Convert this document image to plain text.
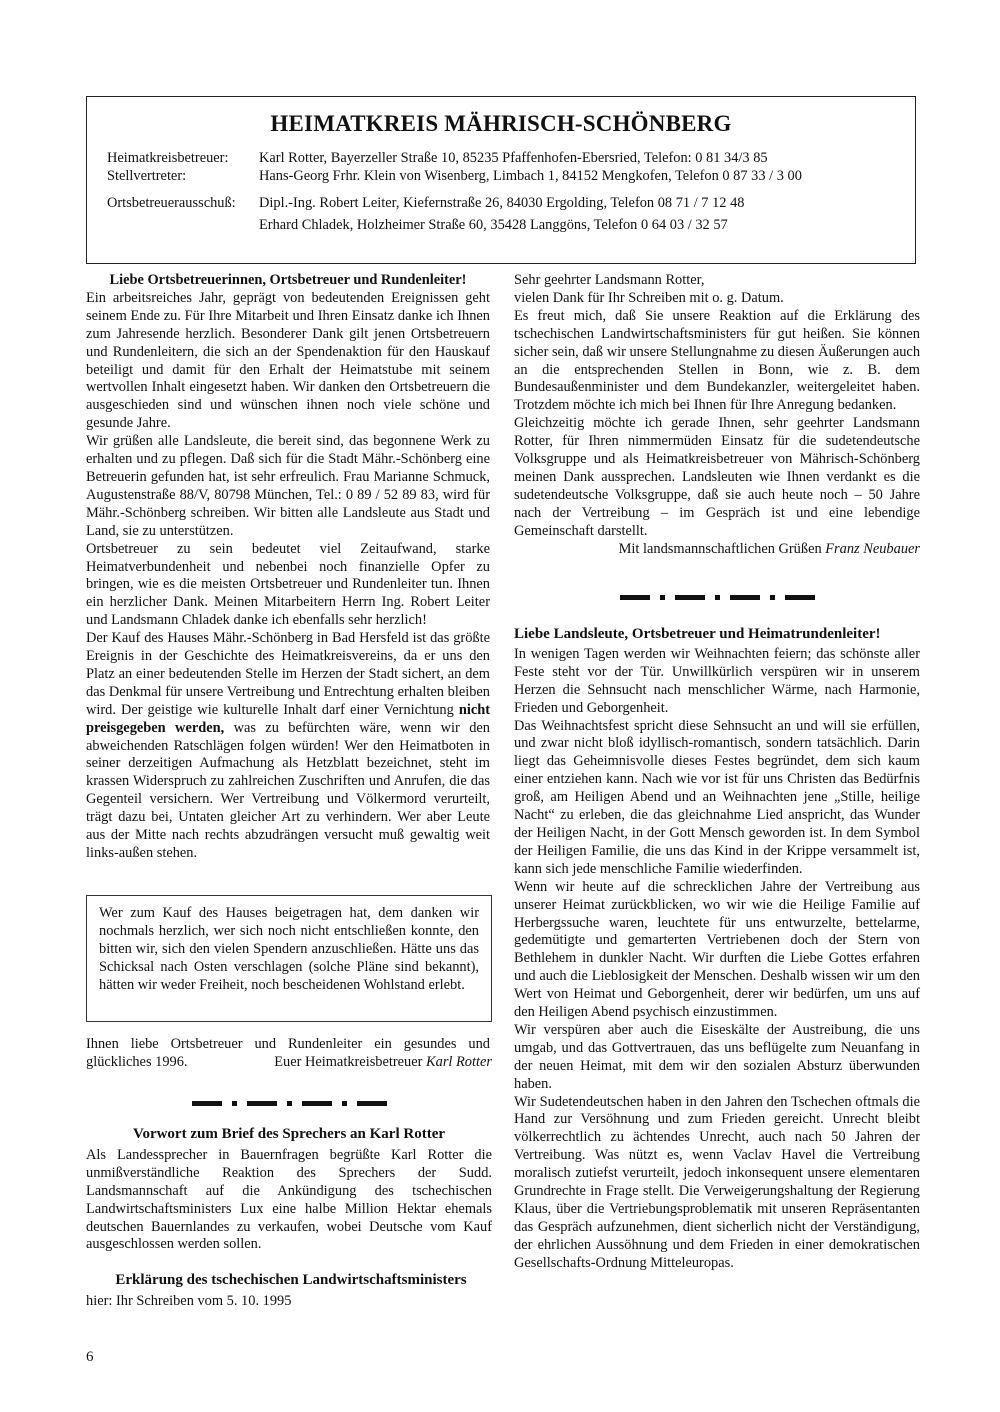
HEIMATKREIS MÄHRISCH-SCHÖNBERG
Heimatkreisbetreuer: Karl Rotter, Bayerzeller Straße 10, 85235 Pfaffenhofen-Ebersried, Telefon: 0 81 34/3 85
Stellvertreter:	Hans-Georg Frhr. Klein von Wisenberg, Limbach 1, 84152 Mengkofen, Telefon 0 87 33 / 3 00
Ortsbetreuerausschuß: Dipl.-Ing. Robert Leiter, Kiefernstraße 26, 84030 Ergolding, Telefon 08 71 / 7 12 48
Erhard Chladek, Holzheimer Straße 60, 35428 Langgöns, Telefon 0 64 03 / 32 57

Liebe Ortsbetreuerinnen, Ortsbetreuer und Rundenleiter!

Ein arbeitsreiches Jahr, geprägt von bedeutenden Ereignissen geht seinem Ende zu. Für Ihre Mitarbeit und Ihren Einsatz danke ich Ihnen zum Jahresende herzlich. Besonderer Dank gilt jenen Ortsbetreuern und Rundenleitern, die sich an der Spendenaktion für den Hauskauf beteiligt und damit für den Erhalt der Heimatstube mit seinem wertvollen Inhalt eingesetzt haben. Wir danken den Ortsbetreuern die ausgeschieden sind und wünschen ihnen noch viele schöne und gesunde Jahre.

Wir grüßen alle Landsleute, die bereit sind, das begonnene Werk zu erhalten und zu pflegen. Daß sich für die Stadt Mähr.-Schönberg eine Betreuerin gefunden hat, ist sehr erfreulich. Frau Marianne Schmuck, Augustenstraße 88/V, 80798 München, Tel.: 0 89 / 52 89 83, wird für Mähr.-Schönberg schreiben. Wir bitten alle Landsleute aus Stadt und Land, sie zu unterstützen.

Ortsbetreuer zu sein bedeutet viel Zeitaufwand, starke Heimatverbundenheit und nebenbei noch finanzielle Opfer zu bringen, wie es die meisten Ortsbetreuer und Rundenleiter tun. Ihnen ein herzlicher Dank. Meinen Mitarbeitern Herrn Ing. Robert Leiter und Landsmann Chladek danke ich ebenfalls sehr herzlich!

Der Kauf des Hauses Mähr.-Schönberg in Bad Hersfeld ist das größte Ereignis in der Geschichte des Heimatkreisvereins, da er uns den Platz an einer bedeutenden Stelle im Herzen der Stadt sichert, an dem das Denkmal für unsere Vertreibung und Entrechtung erhalten bleiben wird. Der geistige wie kulturelle Inhalt darf einer Vernichtung nicht preisgegeben werden, was zu befürchten wäre, wenn wir den abweichenden Ratschlägen folgen würden! Wer den Heimatboten in seiner derzeitigen Aufmachung als Hetzblatt bezeichnet, steht im krassen Widerspruch zu zahlreichen Zuschriften und Anrufen, die das Gegenteil versichern. Wer Vertreibung und Völkermord verurteilt, trägt dazu bei, Untaten gleicher Art zu verhindern. Wer aber Leute aus der Mitte nach rechts abzudrängen versucht muß gewaltig weit links-außen stehen.

Wer zum Kauf des Hauses beigetragen hat, dem danken wir nochmals herzlich, wer sich noch nicht entschließen konnte, den bitten wir, sich den vielen Spendern anzuschließen. Hätte uns das Schicksal nach Osten verschlagen (solche Pläne sind bekannt), hätten wir weder Freiheit, noch bescheidenen Wohlstand erlebt.
Ihnen liebe Ortsbetreuer und Rundenleiter ein gesundes und glückliches 1996.	Euer Heimatkreisbetreuer Karl Rotter

Vorwort zum Brief des Sprechers an Karl Rotter

Als Landessprecher in Bauernfragen begrüßte Karl Rotter die unmißverständliche Reaktion des Sprechers der Sudd. Landsmannschaft auf die Ankündigung des tschechischen Landwirtschaftsministers Lux eine halbe Million Hektar ehemals deutschen Bauernlandes zu verkaufen, wobei Deutsche vom Kauf ausgeschlossen werden sollen.

Erklärung des tschechischen Landwirtschaftsministers

hier: Ihr Schreiben vom 5. 10. 1995

Sehr geehrter Landsmann Rotter,

vielen Dank für Ihr Schreiben mit o. g. Datum.

Es freut mich, daß Sie unsere Reaktion auf die Erklärung des tschechischen Landwirtschaftsministers für gut heißen. Sie können sicher sein, daß wir unsere Stellungnahme zu diesen Äußerungen auch an die entsprechenden Stellen in Bonn, wie z. B. dem Bundesaußenminister und dem Bundekanzler, weitergeleitet haben. Trotzdem möchte ich mich bei Ihnen für Ihre Anregung bedanken.

Gleichzeitig möchte ich gerade Ihnen, sehr geehrter Landsmann Rotter, für Ihren nimmermüden Einsatz für die sudetendeutsche Volksgruppe und als Heimatkreisbetreuer von Mährisch-Schönberg meinen Dank aussprechen. Landsleuten wie Ihnen verdankt es die sudetendeutsche Volksgruppe, daß sie auch heute noch – 50 Jahre nach der Vertreibung – im Gespräch ist und eine lebendige Gemeinschaft darstellt.

Mit landsmannschaftlichen Grüßen Franz Neubauer

Liebe Landsleute, Ortsbetreuer und Heimatrundenleiter!

In wenigen Tagen werden wir Weihnachten feiern; das schönste aller Feste steht vor der Tür. Unwillkürlich verspüren wir in unserem Herzen die Sehnsucht nach menschlicher Wärme, nach Harmonie, Frieden und Geborgenheit.

Das Weihnachtsfest spricht diese Sehnsucht an und will sie erfüllen, und zwar nicht bloß idyllisch-romantisch, sondern tatsächlich. Darin liegt das Geheimnisvolle dieses Festes begründet, dem sich kaum einer entziehen kann. Nach wie vor ist für uns Christen das Bedürfnis groß, am Heiligen Abend und an Weihnachten jene „Stille, heilige Nacht“ zu erleben, die das gleichnahme Lied anspricht, das Wunder der Heiligen Nacht, in der Gott Mensch geworden ist. In dem Symbol der Heiligen Familie, die uns das Kind in der Krippe versammelt ist, kann sich jede menschliche Familie wiederfinden.

Wenn wir heute auf die schrecklichen Jahre der Vertreibung aus unserer Heimat zurückblicken, wo wir wie die Heilige Familie auf Herbergssuche waren, leuchtete für uns entwurzelte, bettelarme, gedemütigte und gemarterten Vertriebenen doch der Stern von Bethlehem in dunkler Nacht. Wir durften die Liebe Gottes erfahren und auch die Lieblosigkeit der Menschen. Deshalb wissen wir um den Wert von Heimat und Geborgenheit, derer wir bedürfen, um uns auf den Heiligen Abend psychisch einzustimmen.

Wir verspüren aber auch die Eiseskälte der Austreibung, die uns umgab, und das Gottvertrauen, das uns beflügelte zum Neuanfang in der neuen Heimat, mit dem wir den sozialen Absturz überwunden haben.

Wir Sudetendeutschen haben in den Jahren den Tschechen oftmals die Hand zur Versöhnung und zum Frieden gereicht. Unrecht bleibt völkerrechtlich zu ächtendes Unrecht, auch nach 50 Jahren der Vertreibung. Was nützt es, wenn Vaclav Havel die Vertreibung moralisch zutiefst verurteilt, jedoch inkonsequent unsere elementaren Grundrechte in Frage stellt. Die Verweigerungshaltung der Regierung Klaus, über die Vertriebungsproblematik mit unseren Repräsentanten das Gespräch aufzunehmen, dient sicherlich nicht der Verständigung, der ehrlichen Aussöhnung und dem Frieden in einer demokratischen Gesellschafts-Ordnung Mitteleuropas.

6
